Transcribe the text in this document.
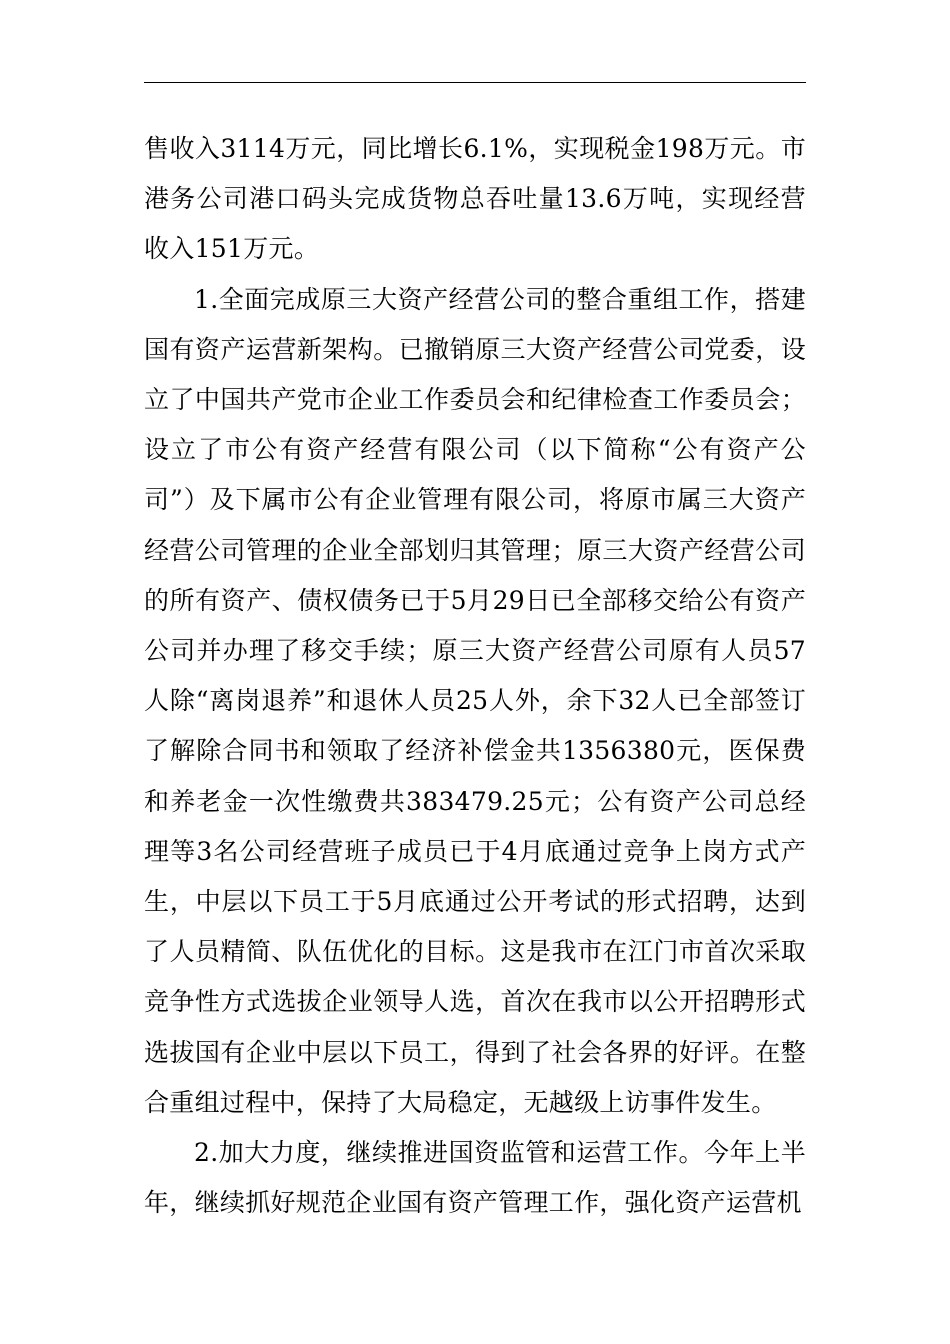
售收入3114万元，同比增长6.1%，实现税金198万元。市港务公司港口码头完成货物总吞吐量13.6万吨，实现经营收入151万元。

1.全面完成原三大资产经营公司的整合重组工作，搭建国有资产运营新架构。已撤销原三大资产经营公司党委，设立了中国共产党市企业工作委员会和纪律检查工作委员会；设立了市公有资产经营有限公司（以下简称“公有资产公司”）及下属市公有企业管理有限公司，将原市属三大资产经营公司管理的企业全部划归其管理；原三大资产经营公司的所有资产、债权债务已于5月29日已全部移交给公有资产公司并办理了移交手续；原三大资产经营公司原有人员57人除“离岗退养”和退休人员25人外，余下32人已全部签订了解除合同书和领取了经济补偿金共1356380元，医保费和养老金一次性缴费共383479.25元；公有资产公司总经理等3名公司经营班子成员已于4月底通过竞争上岗方式产生，中层以下员工于5月底通过公开考试的形式招聘，达到了人员精简、队伍优化的目标。这是我市在江门市首次采取竞争性方式选拔企业领导人选，首次在我市以公开招聘形式选拔国有企业中层以下员工，得到了社会各界的好评。在整合重组过程中，保持了大局稳定，无越级上访事件发生。

2.加大力度，继续推进国资监管和运营工作。今年上半年，继续抓好规范企业国有资产管理工作，强化资产运营机
